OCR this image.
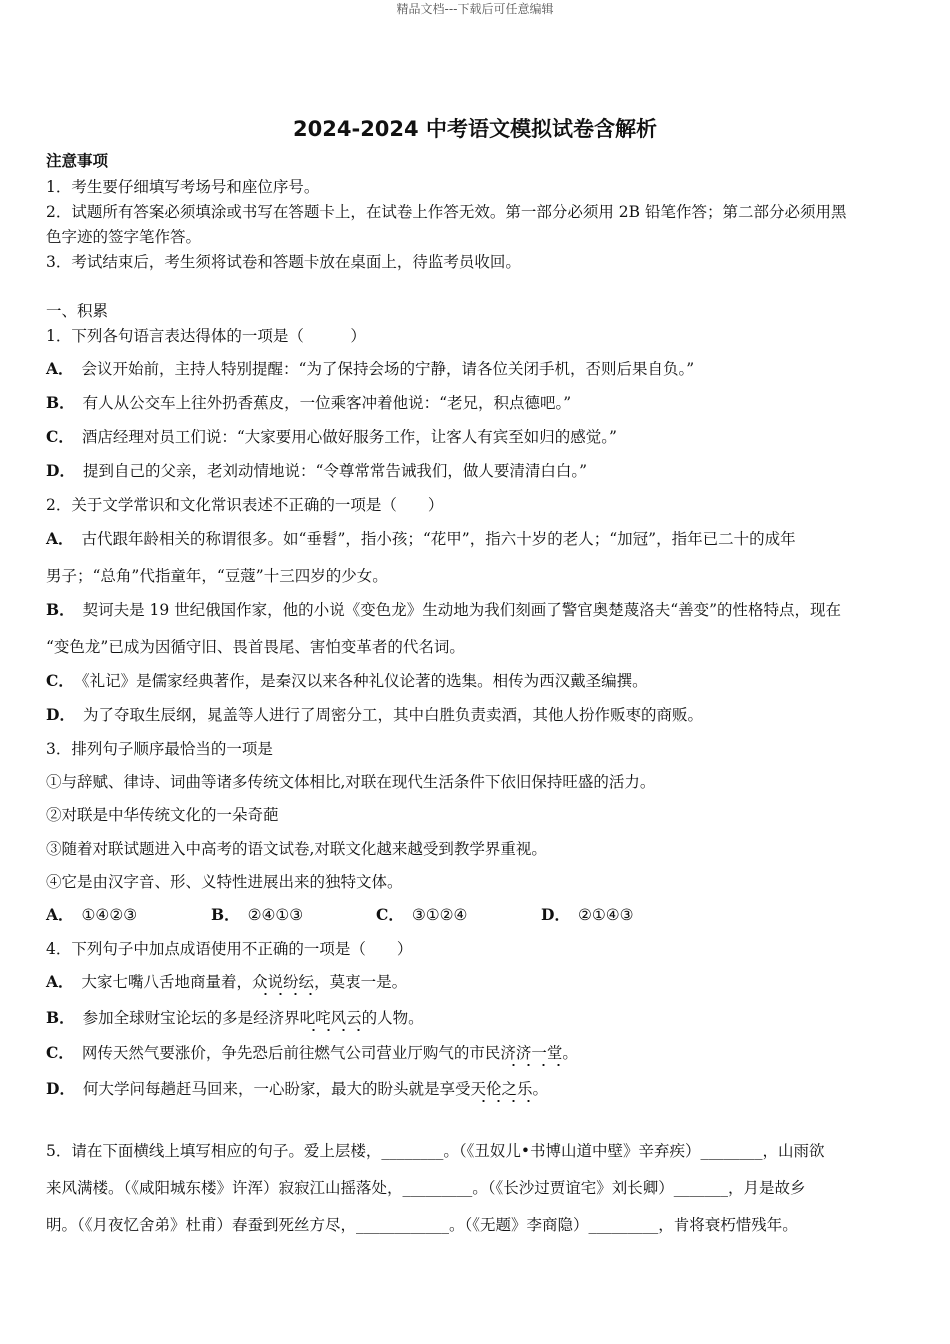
精品文档---下载后可任意编辑
2024-2024 中考语文模拟试卷含解析
注意事项
1．考生要仔细填写考场号和座位序号。
2．试题所有答案必须填涂或书写在答题卡上，在试卷上作答无效。第一部分必须用 2B 铅笔作答；第二部分必须用黑
色字迹的签字笔作答。
3．考试结束后，考生须将试卷和答题卡放在桌面上，待监考员收回。
一、积累
1．下列各句语言表达得体的一项是（　　　）
A． 会议开始前，主持人特别提醒：“为了保持会场的宁静，请各位关闭手机，否则后果自负。”
B． 有人从公交车上往外扔香蕉皮，一位乘客冲着他说：“老兄，积点德吧。”
C． 酒店经理对员工们说：“大家要用心做好服务工作，让客人有宾至如归的感觉。”
D． 提到自己的父亲，老刘动情地说：“令尊常常告诫我们，做人要清清白白。”
2．关于文学常识和文化常识表述不正确的一项是（　　）
A． 古代跟年龄相关的称谓很多。如“垂髫”，指小孩；“花甲”，指六十岁的老人；“加冠”，指年已二十的成年
男子；“总角”代指童年，“豆蔻”十三四岁的少女。
B． 契诃夫是 19 世纪俄国作家，他的小说《变色龙》生动地为我们刻画了警官奥楚蔑洛夫“善变”的性格特点，现在
“变色龙”已成为因循守旧、畏首畏尾、害怕变革者的代名词。
C． 《礼记》是儒家经典著作，是秦汉以来各种礼仪论著的选集。相传为西汉戴圣编撰。
D． 为了夺取生辰纲，晁盖等人进行了周密分工，其中白胜负责卖酒，其他人扮作贩枣的商贩。
3．排列句子顺序最恰当的一项是
①与辞赋、律诗、词曲等诸多传统文体相比,对联在现代生活条件下依旧保持旺盛的活力。
②对联是中华传统文化的一朵奇葩
③随着对联试题进入中高考的语文试卷,对联文化越来越受到教学界重视。
④它是由汉字音、形、义特性进展出来的独特文体。
A． ①④②③	B． ②④①③	C． ③①②④	D． ②①④③
4．下列句子中加点成语使用不正确的一项是（　　）
A． 大家七嘴八舌地商量着，众说纷纭，莫衷一是。
B． 参加全球财宝论坛的多是经济界叱咤风云的人物。
C． 网传天然气要涨价，争先恐后前往燃气公司营业厅购气的市民济济一堂。
D． 何大学问每趟赶马回来，一心盼家，最大的盼头就是享受天伦之乐。
5．请在下面横线上填写相应的句子。爱上层楼，________。（《丑奴儿•书博山道中壁》辛弃疾）________，山雨欲
来风满楼。（《咸阳城东楼》许浑）寂寂江山摇落处，_________。（《长沙过贾谊宅》刘长卿）_______，月是故乡
明。（《月夜忆舍弟》杜甫）春蚕到死丝方尽，____________。（《无题》李商隐）_________，肯将衰朽惜残年。
